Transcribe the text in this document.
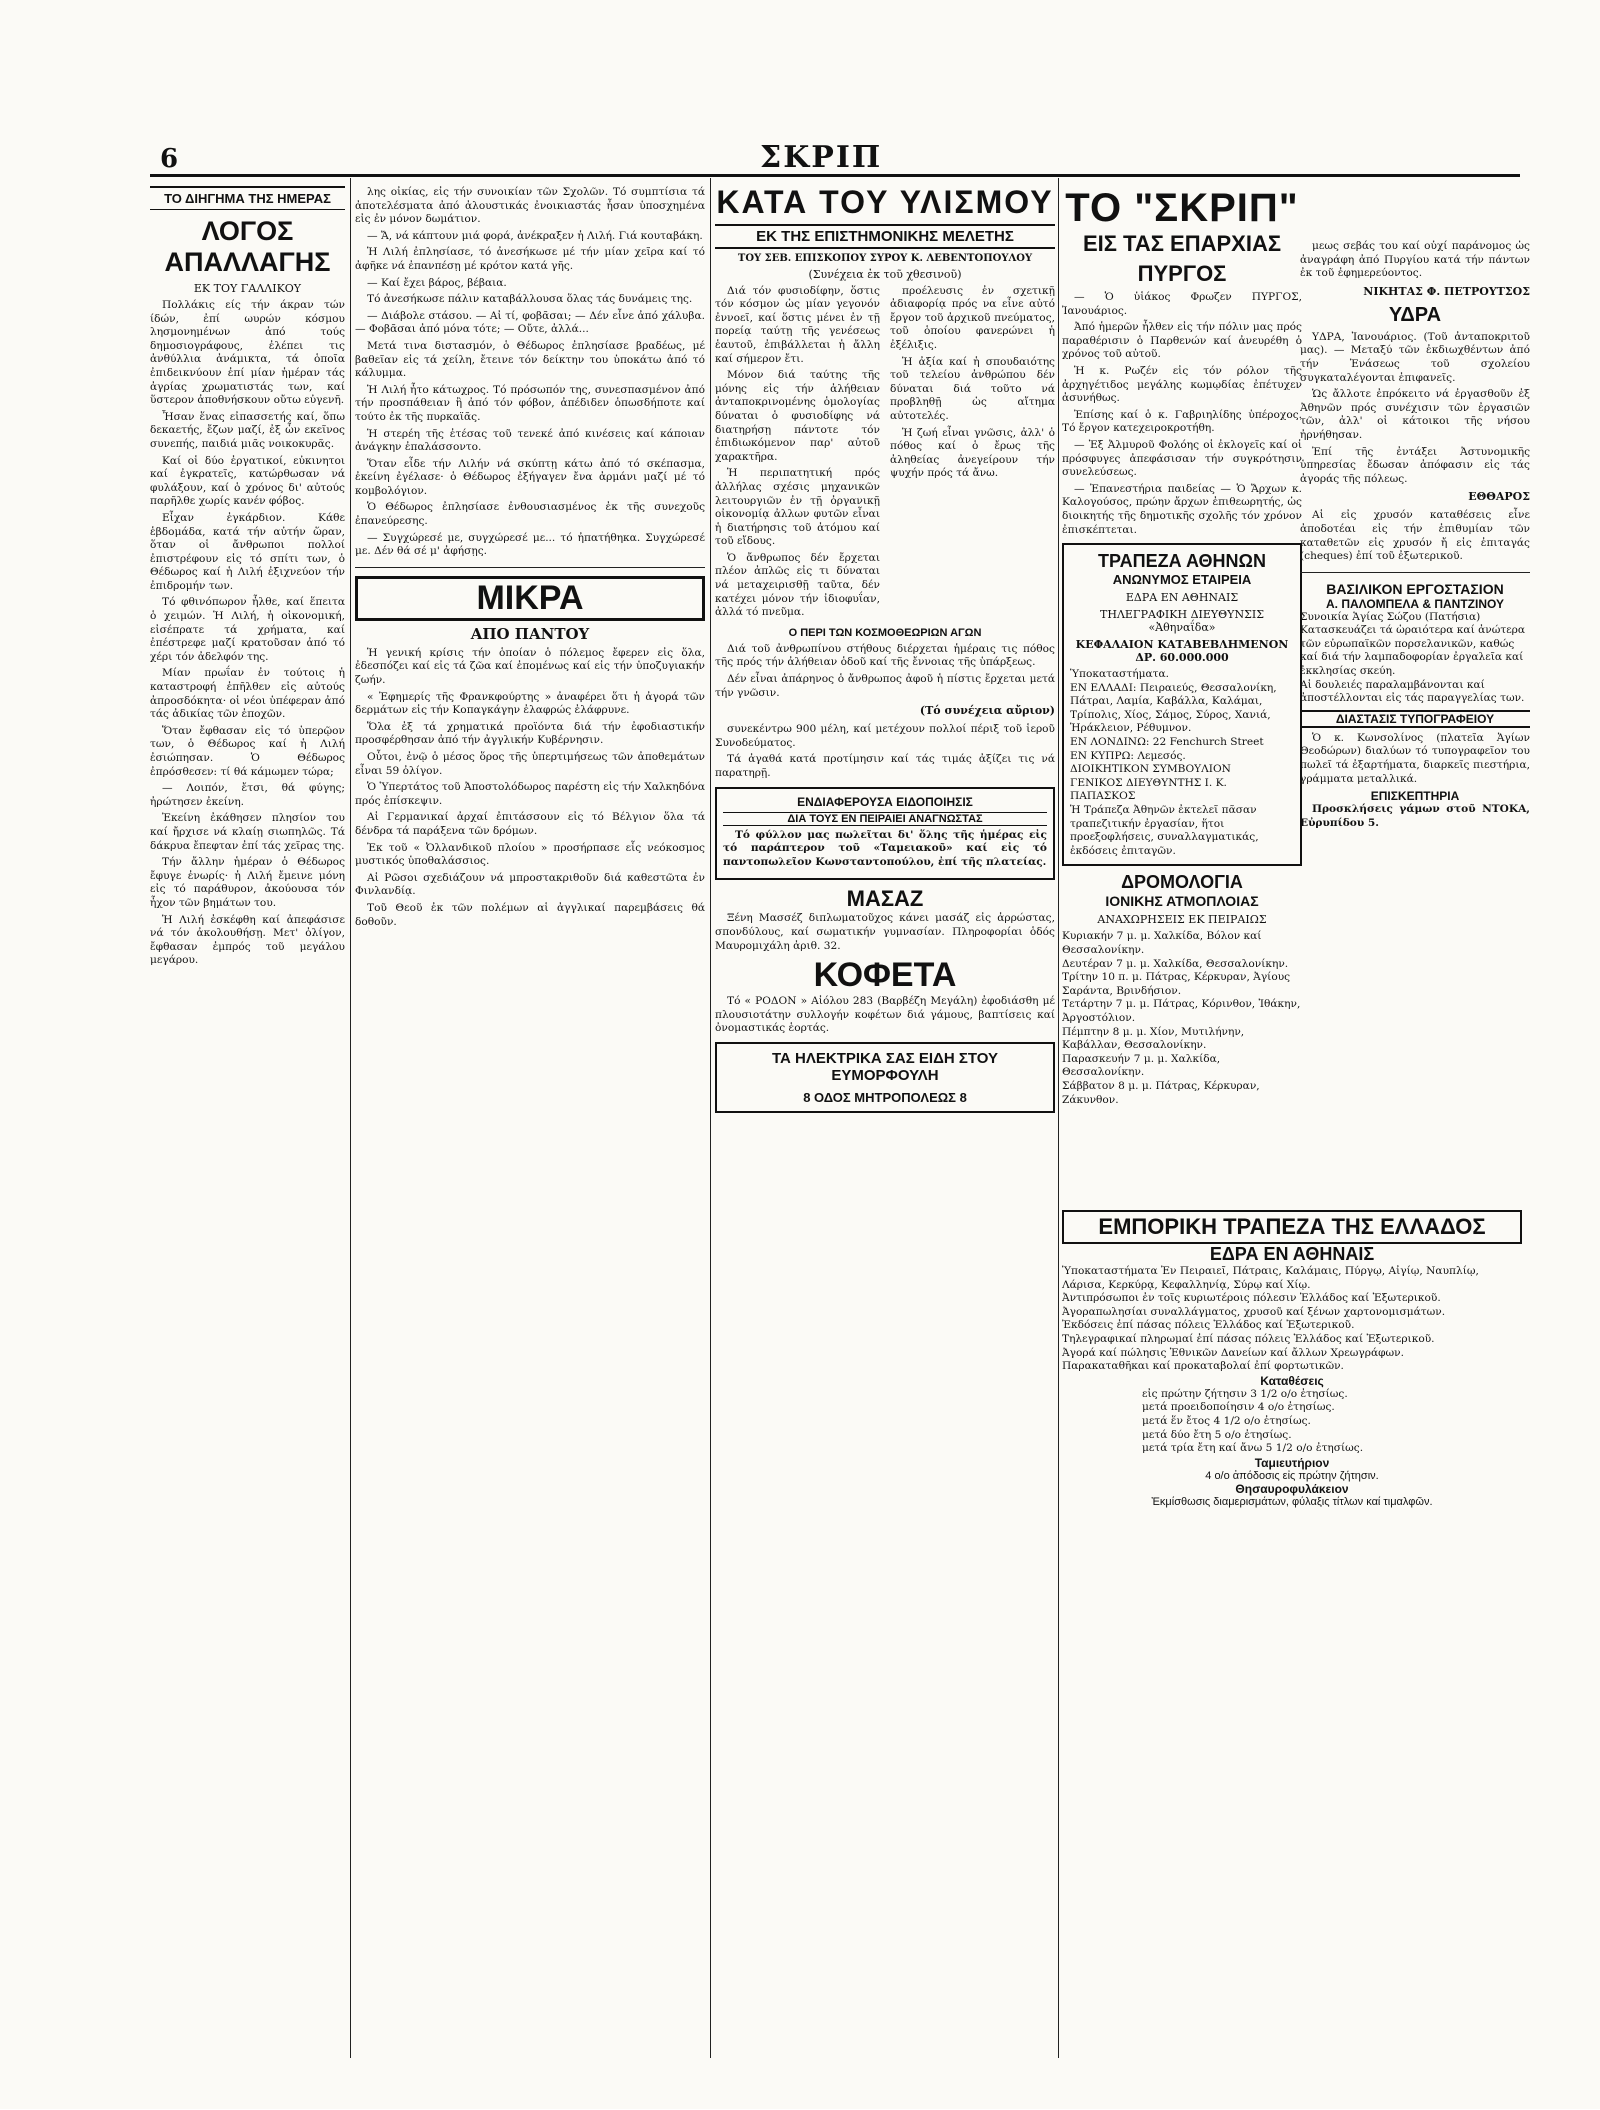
6	ΣΚΡΙΠ
ΤΟ ΔΙΗΓΗΜΑ ΤΗΣ ΗΜΕΡΑΣ
ΛΟΓΟΣ ΑΠΑΛΛΑΓΗΣ
ΕΚ ΤΟΥ ΓΑΛΛΙΚΟΥ

Πολλάκις είς τήν άκραν τών ίδών, ἐπί ωυρών κόσμου λησμονημένων ἀπό τούς δημοσιογράφους, ἐλέπει τις ἀνθύλλια ἀνάμικτα, τά ὁποῖα ἐπιδεικνύουν ἐπί μίαν ἡμέραν τάς ἀγρίας χρωματιστάς των, καί ὕστερον ἀποθνήσκουν οὔτω εὐγενῆ.

Ἦσαν ἕνας εἰπασσετής καί, ὅπω δεκαετής, ἔζων μαζί, ἐξ ὧν εκεῖνος συνεπής, παιδιά μιᾶς νοικοκυρᾶς.

Καί οἱ δύο ἐργατικοί, εὐκινητοι καί ἐγκρατεῖς, κατώρθωσαν νά φυλάξουν, καί ὁ χρόνος δι' αὐτούς παρῆλθε χωρίς κανέν φόβος.

Εἶχαν ἐγκάρδιον. Κάθε ἑβδομάδα, κατά τήν αὐτήν ὥραν, ὅταν οἱ ἄνθρωποι πολλοί ἐπιστρέφουν εἰς τό σπίτι των, ὁ Θέδωρος καί ἡ Λιλή ἐξιχνεύον τήν ἐπιδρομήν των.

Τό φθινόπωρον ἦλθε, καί ἕπειτα ὁ χειμών. Ἡ Λιλή, ἡ οἰκονομική, εἰσέπρατε τά χρήματα, καί ἐπέστρεφε μαζί κρατοῦσαν ἀπό τό χέρι τόν ἀδελφόν της.

Μίαν πρωΐαν ἐν τούτοις ἡ καταστροφή ἐπῆλθεν εἰς αὐτούς ἀπροσδόκητα· οἱ νέοι ὑπέφεραν ἀπό τάς ἀδικίας τῶν ἐποχῶν.

Ὅταν ἔφθασαν εἰς τό ὑπερῷον των, ὁ Θέδωρος καί ἡ Λιλή ἐσιώπησαν. Ὁ Θέδωρος ἐπρόσθεσεν: τί θά κάμωμεν τώρα;

— Λοιπόν, ἔτσι, θά φύγης; ἠρώτησεν ἐκείνη.

Ἐκείνη ἐκάθησεν πλησίον του καί ἤρχισε νά κλαίῃ σιωπηλῶς. Τά δάκρυα ἔπεφταν ἐπί τάς χεῖρας της.

Τήν ἄλλην ἡμέραν ὁ Θέδωρος ἔφυγε ἐνωρίς· ἡ Λιλή ἔμεινε μόνη εἰς τό παράθυρον, ἀκούουσα τόν ἦχον τῶν βημάτων του.

Ἡ Λιλή ἐσκέφθη καί ἀπεφάσισε νά τόν ἀκολουθήσῃ. Μετ' ὀλίγον, ἔφθασαν ἐμπρός τοῦ μεγάλου μεγάρου.

λης οἰκίας, εἰς τήν συνοικίαν τῶν Σχολῶν. Τό συμπτίσια τά ἀποτελέσματα ἀπό ἀλουστικάς ἐνοικιαστάς ἦσαν ὑποσχημένα εἰς ἐν μόνον δωμάτιον.

— Ἄ, νά κάπτουν μιά φορά, ἀνέκραξεν ἡ Λιλή. Γιά κουταβάκη.

Ἡ Λιλή ἐπλησίασε, τό ἀνεσήκωσε μέ τήν μίαν χεῖρα καί τό ἀφῆκε νά ἐπανπέσῃ μέ κρότον κατά γῆς.

— Καί ἔχει βάρος, βέβαια.

Τό ἀνεσήκωσε πάλιν καταβάλλουσα ὅλας τάς δυνάμεις της.

— Διάβολε στάσου. — Αἰ τί, φοβᾶσαι; — Δέν εἶνε ἀπό χάλυβα. — Φοβᾶσαι ἀπό μόνα τότε; — Οὔτε, ἀλλά...

Μετά τινα διστασμόν, ὁ Θέδωρος ἐπλησίασε βραδέως, μέ βαθεῖαν εἰς τά χείλη, ἔτεινε τόν δείκτην του ὑποκάτω ἀπό τό κάλυμμα.

Ἡ Λιλή ἦτο κάτωχρος. Τό πρόσωπόν της, συνεσπασμένον ἀπό τήν προσπάθειαν ἢ ἀπό τόν φόβον, ἀπέδιδεν ὁπωσδήποτε καί τούτο ἐκ τῆς πυρκαϊᾶς.

Ἡ στερέη τῆς ἐτέσας τοῦ τενεκέ ἀπό κινέσεις καί κάποιαν ἀνάγκην ἐπαλάσσοντο.

Ὅταν εἶδε τήν Λιλήν νά σκύπτῃ κάτω ἀπό τό σκέπασμα, ἐκείνη ἐγέλασε· ὁ Θέδωρος ἐξήγαγεν ἔνα ἀρμάνι μαζί μέ τό κομβολόγιον.

Ὁ Θέδωρος ἐπλησίασε ἐνθουσιασμένος ἐκ τῆς συνεχοῦς ἐπανεύρεσης.

— Συγχώρεσέ με, συγχώρεσέ με... τό ἠπατήθηκα. Συγχώρεσέ με. Δέν θά σέ μ' ἀφήσῃς.

ΜΙΚΡΑ
ΑΠΟ ΠΑΝΤΟΥ

Ἡ γενική κρίσις τήν ὁποίαν ὁ πόλεμος ἔφερεν εἰς ὅλα, ἐδεσπόζει καί εἰς τά ζῶα καί ἐπομένως καί εἰς τήν ὑποζυγιακήν ζωήν.

« Ἐφημερίς τῆς Φρανκφούρτης » ἀναφέρει ὅτι ἡ ἀγορά τῶν δερμάτων εἰς τήν Κοπαγκάγην ἐλαφρώς ἐλάφρυνε.

Ὅλα ἐξ τά χρηματικά προϊόντα διά τήν ἐφοδιαστικήν προσφέρθησαν ἀπό τήν ἀγγλικήν Κυβέρνησιν.

Οὗτοι, ἐνῷ ὁ μέσος ὅρος τῆς ὑπερτιμήσεως τῶν ἀποθεμάτων εἶναι 59 ὀλίγον.

Ὁ Ὑπερτάτος τοῦ Ἀποστολόδωρος παρέστη εἰς τήν Χαλκηδόνα πρός ἐπίσκεψιν.

Αἱ Γερμανικαί ἀρχαί ἐπιτάσσουν εἰς τό Βέλγιον ὅλα τά δένδρα τά παράξενα τῶν δρόμων.

Ἐκ τοῦ « Ὀλλανδικοῦ πλοίου » προσήρπασε εἷς νεόκοσμος μυστικός ὑποθαλάσσιος.

Αἱ Ρῶσοι σχεδιάζουν νά μπροστακριθοῦν διά καθεστῶτα ἐν Φινλανδίᾳ.

Τοῦ Θεοῦ ἐκ τῶν πολέμων αἱ ἀγγλικαί παρεμβάσεις θά δοθοῦν.

ΚΑΤΑ ΤΟΥ ΥΛΙΣΜΟΥ
ΕΚ ΤΗΣ ΕΠΙΣΤΗΜΟΝΙΚΗΣ ΜΕΛΕΤΗΣ
ΤΟΥ ΣΕΒ. ΕΠΙΣΚΟΠΟΥ ΣΥΡΟΥ Κ. ΛΕΒΕΝΤΟΠΟΥΛΟΥ
(Συνέχεια ἐκ τοῦ χθεσινοῦ)

Διά τόν φυσιοδίφην, ὅστις τόν κόσμον ὡς μίαν γεγονόν ἐννοεῖ, καί ὅστις μένει ἐν τῇ πορείᾳ ταύτῃ τῆς γενέσεως ἑαυτοῦ, ἐπιβάλλεται ἡ ἄλλη καί σήμερον ἔτι.

Μόνον διά ταύτης τῆς μόνης εἰς τήν ἀλήθειαν ἀνταποκρινομένης ὁμολογίας δύναται ὁ φυσιοδίφης νά διατηρήσῃ πάντοτε τόν ἐπιδιωκόμενον παρ' αὐτοῦ χαρακτῆρα.

Ἡ περιπατητική πρός ἀλλήλας σχέσις μηχανικῶν λειτουργιῶν ἐν τῇ ὀργανικῇ οἰκονομίᾳ ἀλλων φυτῶν εἶναι ἡ διατήρησις τοῦ ἀτόμου καί τοῦ εἴδους.

Ὁ ἄνθρωπος δέν ἔρχεται πλέον ἀπλῶς εἰς τι δύναται νά μεταχειρισθῇ ταῦτα, δέν κατέχει μόνον τήν ἰδιοφυΐαν, ἀλλά τό πνεῦμα.

προέλευσις ἐν σχετικῇ ἀδιαφορίᾳ πρός να εἶνε αὐτό ἔργον τοῦ ἀρχικοῦ πνεύματος, τοῦ ὁποίου φανερώνει ἡ ἐξέλιξις.

Ἡ ἀξία καί ἡ σπουδαιότης τοῦ τελείου ἀνθρώπου δέν δύναται διά τοῦτο νά προβληθῇ ὡς αἴτημα αὐτοτελές.

Ἡ ζωή εἶναι γνῶσις, ἀλλ' ὁ πόθος καί ὁ ἔρως τῆς ἀληθείας ἀνεγείρουν τήν ψυχήν πρός τά ἄνω.

Ο ΠΕΡΙ ΤΩΝ ΚΟΣΜΟΘΕΩΡΙΩΝ ΑΓΩΝ

Διά τοῦ ἀνθρωπίνου στήθους διέρχεται ἡμέραις τις πόθος τῆς πρός τήν ἀλήθειαν ὁδοῦ καί τῆς ἔννοιας τῆς ὑπάρξεως.

Δέν εἶναι ἀπάρηνος ὁ ἄνθρωπος ἀφοῦ ἡ πίστις ἔρχεται μετά τήν γνῶσιν.

(Τό συνέχεια αὔριον)

συνεκέντρω 900 μέλη, καί μετέχουν πολλοί πέριξ τοῦ ἱεροῦ Συνοδεύματος.

Τά ἀγαθά κατά προτίμησιν καί τάς τιμάς ἀξίζει τις νά παρατηρῇ.

ΕΝΔΙΑΦΕΡΟΥΣΑ ΕΙΔΟΠΟΙΗΣΙΣ
ΔΙΑ ΤΟΥΣ ΕΝ ΠΕΙΡΑΙΕΙ ΑΝΑΓΝΩΣΤΑΣ

Τό φύλλον μας πωλεῖται δι' ὅλης τῆς ἡμέρας εἰς τό παράπτερον τοῦ «Ταμειακοῦ» καί εἰς τό παντοπωλεῖον Κωνσταντοπούλου, ἐπί τῆς πλατείας.

ΜΑΣΑΖ

Ξένη Μασσέζ διπλωματοῦχος κάνει μασάζ εἰς ἀρρώστας, σπονδύλους, καί σωματικήν γυμνασίαν. Πληροφορίαι ὁδός Μαυρομιχάλη ἀριθ. 32.

ΚΟΦΕΤΑ

Τό « ΡΟΔΟΝ » Αἰόλου 283 (Βαρβέζη Μεγάλη) ἐφοδιάσθη μέ πλουσιοτάτην συλλογήν κοφέτων διά γάμους, βαπτίσεις καί ὀνομαστικάς ἑορτάς.

ΤΑ ΗΛΕΚΤΡΙΚΑ ΣΑΣ ΕΙΔΗ ΣΤΟΥ ΕΥΜΟΡΦΟΥΛΗ
8 ΟΔΟΣ ΜΗΤΡΟΠΟΛΕΩΣ 8
ΤΟ "ΣΚΡΙΠ"
ΕΙΣ ΤΑΣ ΕΠΑΡΧΙΑΣ
ΠΥΡΓΟΣ

— Ὁ ὑἱάκος Φρωζεν ΠΥΡΓΟΣ, Ἰανουάριος.

Ἀπό ἡμερῶν ἦλθεν εἰς τήν πόλιν μας πρός παραθέρισιν ὁ Παρθενών καί ἀνευρέθη ὁ χρόνος τοῦ αὐτοῦ.

Ἡ κ. Ρωζέν εἰς τόν ρόλον τῆς ἀρχηγέτιδος μεγάλης κωμῳδίας ἐπέτυχεν ἀσυνήθως.

Ἐπίσης καί ὁ κ. Γαβριηλίδης ὑπέροχος. Τό ἔργον κατεχειροκροτήθη.

— Ἐξ Ἀλμυροῦ Φολόης οἱ ἐκλογεῖς καί οἱ πρόσφυγες ἀπεφάσισαν τήν συγκρότησιν συνελεύσεως.

— Ἐπανεστήρια παιδείας — Ὁ Ἄρχων κ. Καλογούσος, πρώην ἄρχων ἐπιθεωρητής, ὡς διοικητής τῆς δημοτικῆς σχολῆς τόν χρόνον ἐπισκέπτεται.

ΤΡΑΠΕΖΑ ΑΘΗΝΩΝ
ΑΝΩΝΥΜΟΣ ΕΤΑΙΡΕΙΑ
ΕΔΡΑ ΕΝ ΑΘΗΝΑΙΣ
ΤΗΛΕΓΡΑΦΙΚΗ ΔΙΕΥΘΥΝΣΙΣ «Ἀθηναΐδα»
ΚΕΦΑΛΑΙΟΝ ΚΑΤΑΒΕΒΛΗΜΕΝΟΝ ΔΡ. 60.000.000
Ὑποκαταστήματα.
ΕΝ ΕΛΛΑΔΙ: Πειραιεύς, Θεσσαλονίκη, Πάτραι, Λαμία, Καβάλλα, Καλάμαι, Τρίπολις, Χίος, Σάμος, Σύρος, Χανιά, Ἡράκλειον, Ρέθυμνον.
ΕΝ ΛΟΝΔΙΝΩ: 22 Fenchurch Street
ΕΝ ΚΥΠΡΩ: Λεμεσός.
ΔΙΟΙΚΗΤΙΚΟΝ ΣΥΜΒΟΥΛΙΟΝ
ΓΕΝΙΚΟΣ ΔΙΕΥΘΥΝΤΗΣ Ι. Κ. ΠΑΠΑΣΚΟΣ
Ἡ Τράπεζα Ἀθηνῶν ἐκτελεῖ πᾶσαν τραπεζιτικήν ἐργασίαν, ἥτοι προεξοφλήσεις, συναλλαγματικάς, ἐκδόσεις ἐπιταγῶν.
ΔΡΟΜΟΛΟΓΙΑ
ΙΟΝΙΚΗΣ ΑΤΜΟΠΛΟΙΑΣ
ΑΝΑΧΩΡΗΣΕΙΣ ΕΚ ΠΕΙΡΑΙΩΣ
Κυριακήν 7 μ. μ. Χαλκίδα, Βόλον καί Θεσσαλονίκην.
Δευτέραν 7 μ. μ. Χαλκίδα, Θεσσαλονίκην.
Τρίτην 10 π. μ. Πάτρας, Κέρκυραν, Ἀγίους Σαράντα, Βρινδήσιον.
Τετάρτην 7 μ. μ. Πάτρας, Κόρινθον, Ἰθάκην, Ἀργοστόλιον.
Πέμπτην 8 μ. μ. Χίον, Μυτιλήνην, Καβάλλαν, Θεσσαλονίκην.
Παρασκευήν 7 μ. μ. Χαλκίδα, Θεσσαλονίκην.
Σάββατον 8 μ. μ. Πάτρας, Κέρκυραν, Ζάκυνθον.

μεως σεβάς του καί οὐχί παράνομος ὡς ἀναγράφη ἀπό Πυργίου κατά τήν πάντων ἐκ τοῦ ἐφημερεύοντος.

ΝΙΚΗΤΑΣ Φ. ΠΕΤΡΟΥΤΣΟΣ
ΥΔΡΑ

ΥΔΡΑ, Ἰανουάριος. (Τοῦ ἀνταποκριτοῦ μας). — Μεταξύ τῶν ἐκδιωχθέντων ἀπό τήν Ἐνάσεως τοῦ σχολείου συγκαταλέγονται ἐπιφανεῖς.

Ὡς ἄλλοτε ἐπρόκειτο νά ἐργασθοῦν ἐξ Ἀθηνῶν πρός συνέχισιν τῶν ἐργασιῶν τῶν, ἀλλ' οἱ κάτοικοι τῆς νήσου ἠρνήθησαν.

Ἐπί τῆς ἐντάξει Ἀστυνομικῆς ὑπηρεσίας ἔδωσαν ἀπόφασιν εἰς τάς ἀγοράς τῆς πόλεως.

ΕΘΘΑΡΟΣ

Αἱ εἰς χρυσόν καταθέσεις εἶνε ἀποδοτέαι εἰς τήν ἐπιθυμίαν τῶν καταθετῶν εἰς χρυσόν ἤ εἰς ἐπιταγάς (cheques) ἐπί τοῦ ἐξωτερικοῦ.

ΒΑΣΙΛΙΚΟΝ ΕΡΓΟΣΤΑΣΙΟΝ
Α. ΠΑΛΟΜΠΕΛΑ & ΠΑΝΤΖΙΝΟΥ
Συνοικία Ἁγίας Σώζου (Πατήσια)
Κατασκευάζει τά ὡραιότερα καί ἀνώτερα τῶν εὐρωπαϊκῶν πορσελανικῶν, καθώς καί διά τήν λαμπαδοφορίαν ἐργαλεῖα καί ἐκκλησίας σκεύη.
Αἱ δουλειές παραλαμβάνονται καί ἀποστέλλονται εἰς τάς παραγγελίας των.
ΔΙΑΣΤΑΣΙΣ ΤΥΠΟΓΡΑΦΕΙΟΥ

Ὁ κ. Κωνσολίνος (πλατεῖα Ἁγίων Θεοδώρων) διαλύων τό τυπογραφεῖον του πωλεῖ τά ἐξαρτήματα, διαρκεῖς πιεστήρια, γράμματα μεταλλικά.

ΕΠΙΣΚΕΠΤΗΡΙΑ

Προσκλήσεις γάμων στοῦ ΝΤΟΚΑ, Εὐρυπίδου 5.

ΕΜΠΟΡΙΚΗ ΤΡΑΠΕΖΑ ΤΗΣ ΕΛΛΑΔΟΣ
ΕΔΡΑ ΕΝ ΑΘΗΝΑΙΣ
Ὑποκαταστήματα Ἐν Πειραιεῖ, Πάτραις, Καλάμαις, Πύργῳ, Αἰγίῳ, Ναυπλίῳ, Λάρισα, Κερκύρᾳ, Κεφαλληνίᾳ, Σύρῳ καί Χίῳ.
Ἀντιπρόσωποι ἐν τοῖς κυριωτέροις πόλεσιν Ἑλλάδος καί Ἐξωτερικοῦ.
Ἀγοραπωλησίαι συναλλάγματος, χρυσοῦ καί ξένων χαρτονομισμάτων.
Ἐκδόσεις ἐπί πάσας πόλεις Ἑλλάδος καί Ἐξωτερικοῦ.
Τηλεγραφικαί πληρωμαί ἐπί πάσας πόλεις Ἑλλάδος καί Ἐξωτερικοῦ.
Ἀγορά καί πώλησις Ἐθνικῶν Δανείων καί ἄλλων Χρεωγράφων.
Παρακαταθῆκαι καί προκαταβολαί ἐπί φορτωτικῶν.
Καταθέσεις
εἰς πρώτην ζήτησιν 3 1/2 ο/ο ἐτησίως.
μετά προειδοποίησιν 4 ο/ο ἐτησίως.
μετά ἕν ἔτος 4 1/2 ο/ο ἐτησίως.
μετά δύο ἔτη 5 ο/ο ἐτησίως.
μετά τρία ἔτη καί ἄνω 5 1/2 ο/ο ἐτησίως.
Ταμιευτήριον
4 ο/ο ἀπόδοσις εἰς πρώτην ζήτησιν.
Θησαυροφυλάκειον
Ἐκμίσθωσις διαμερισμάτων, φύλαξις τίτλων καί τιμαλφῶν.
